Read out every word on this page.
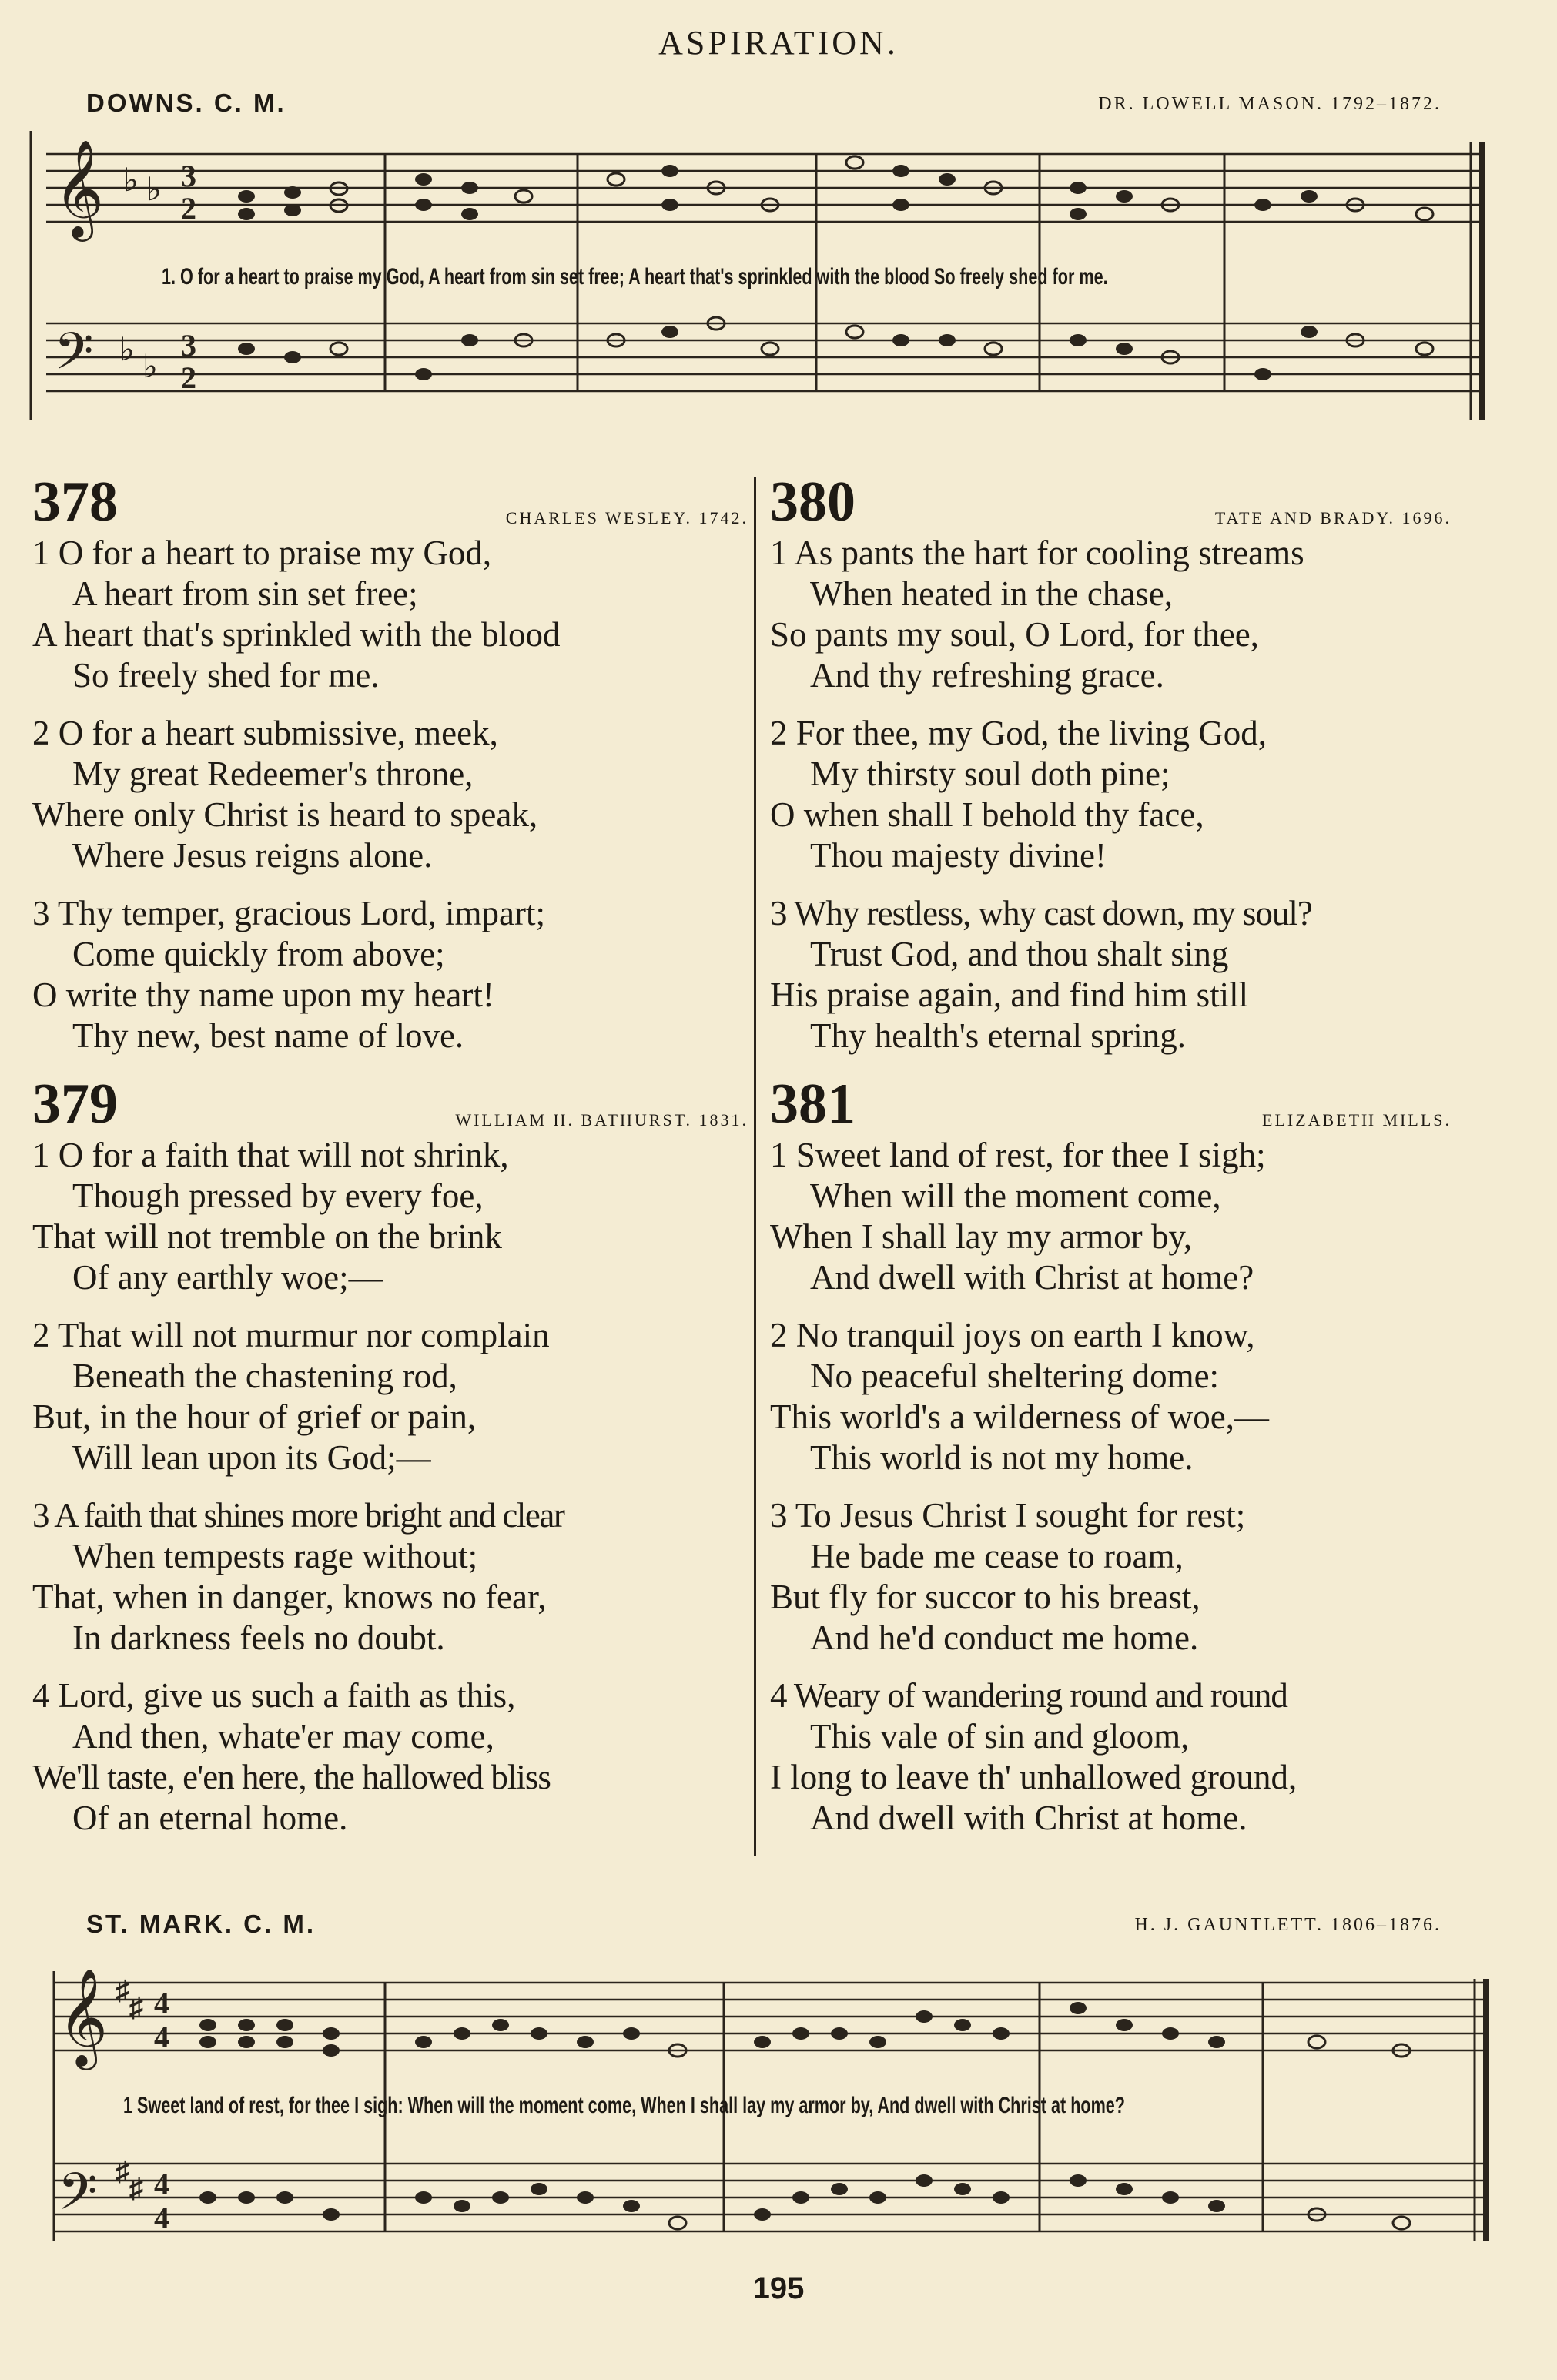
ASPIRATION.
DOWNS. C. M.	DR. LOWELL MASON. 1792–1872.
𝄞
𝄢
♭ ♭ 3
2
♭ ♭
3
2
1. O for a heart to praise my God, A heart from sin set free; A heart that's sprinkled with the blood So freely shed for me.
378	CHARLES WESLEY. 1742.
1 O for a heart to praise my God,
A heart from sin set free;
A heart that's sprinkled with the blood
So freely shed for me.
2 O for a heart submissive, meek,
My great Redeemer's throne,
Where only Christ is heard to speak,
Where Jesus reigns alone.
3 Thy temper, gracious Lord, impart;
Come quickly from above;
O write thy name upon my heart!
Thy new, best name of love.
379	WILLIAM H. BATHURST. 1831.
1 O for a faith that will not shrink,
Though pressed by every foe,
That will not tremble on the brink
Of any earthly woe;—
2 That will not murmur nor complain
Beneath the chastening rod,
But, in the hour of grief or pain,
Will lean upon its God;—
3 A faith that shines more bright and clear
When tempests rage without;
That, when in danger, knows no fear,
In darkness feels no doubt.
4 Lord, give us such a faith as this,
And then, whate'er may come,
We'll taste, e'en here, the hallowed bliss
Of an eternal home.
380	TATE AND BRADY. 1696.
1 As pants the hart for cooling streams
When heated in the chase,
So pants my soul, O Lord, for thee,
And thy refreshing grace.
2 For thee, my God, the living God,
My thirsty soul doth pine;
O when shall I behold thy face,
Thou majesty divine!
3 Why restless, why cast down, my soul?
Trust God, and thou shalt sing
His praise again, and find him still
Thy health's eternal spring.
381	ELIZABETH MILLS.
1 Sweet land of rest, for thee I sigh;
When will the moment come,
When I shall lay my armor by,
And dwell with Christ at home?
2 No tranquil joys on earth I know,
No peaceful sheltering dome:
This world's a wilderness of woe,—
This world is not my home.
3 To Jesus Christ I sought for rest;
He bade me cease to roam,
But fly for succor to his breast,
And he'd conduct me home.
4 Weary of wandering round and round
This vale of sin and gloom,
I long to leave th' unhallowed ground,
And dwell with Christ at home.
ST. MARK. C. M.	H. J. GAUNTLETT. 1806–1876.
𝄞
𝄢
♯
♯ 4
4
♯
♯ 4
4
1 Sweet land of rest, for thee I sigh: When will the moment come, When I shall lay my armor by, And dwell with Christ at home?
195
